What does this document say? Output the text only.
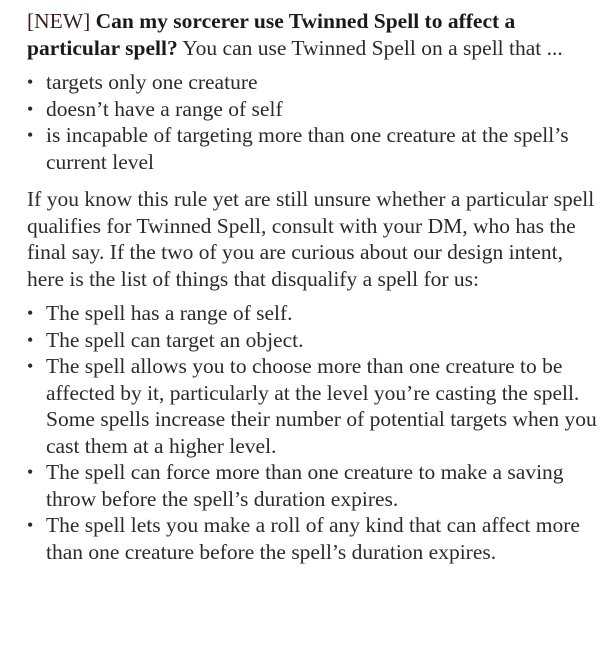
[NEW] Can my sorcerer use Twinned Spell to affect a particular spell? You can use Twinned Spell on a spell that ...

• targets only one creature
• doesn’t have a range of self
• is incapable of targeting more than one creature at the spell’s current level

If you know this rule yet are still unsure whether a particular spell qualifies for Twinned Spell, consult with your DM, who has the final say. If the two of you are curious about our design intent, here is the list of things that disqualify a spell for us:

• The spell has a range of self.
• The spell can target an object.
• The spell allows you to choose more than one creature to be affected by it, particularly at the level you’re casting the spell. Some spells increase their number of potential targets when you cast them at a higher level.
• The spell can force more than one creature to make a saving throw before the spell’s duration expires.
• The spell lets you make a roll of any kind that can affect more than one creature before the spell’s duration expires.
